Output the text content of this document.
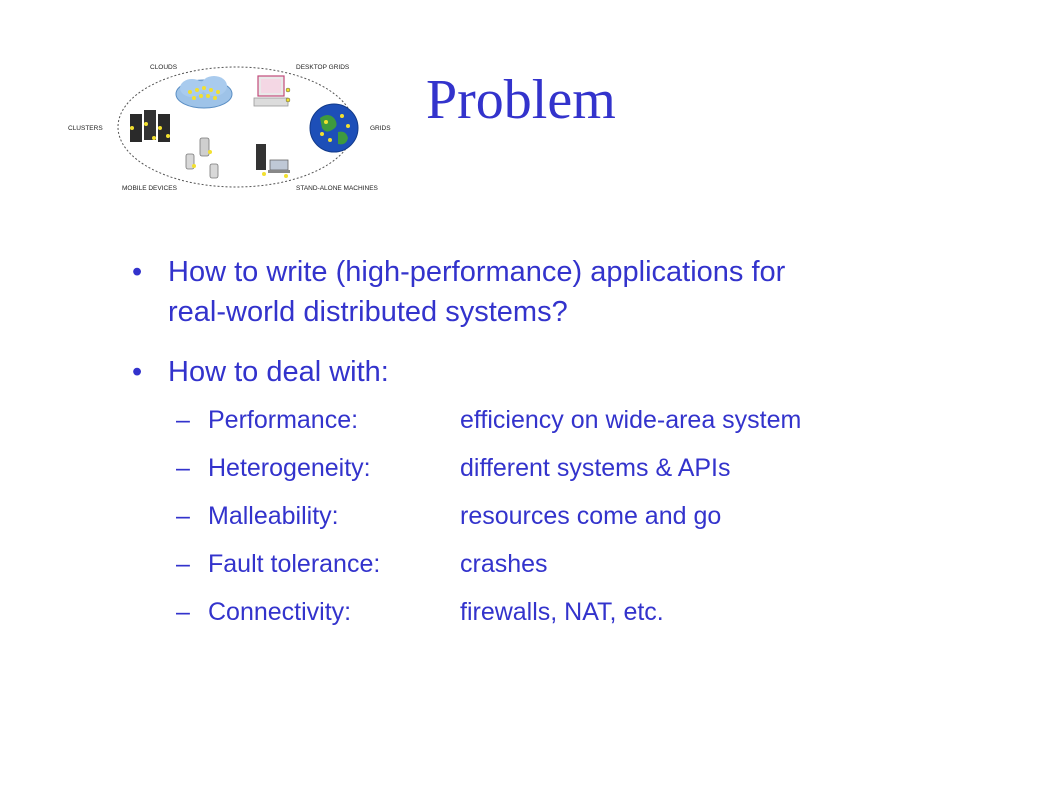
CLOUDS	DESKTOP GRIDS
CLUSTERS	GRIDS
MOBILE DEVICES	STAND-ALONE MACHINES
Problem
• How to write (high-performance) applications for
real-world distributed systems?
• How to deal with:
– Performance:	efficiency on wide-area system
– Heterogeneity:	different systems & APIs
– Malleability:	resources come and go
– Fault tolerance:	crashes
– Connectivity:	firewalls, NAT, etc.
